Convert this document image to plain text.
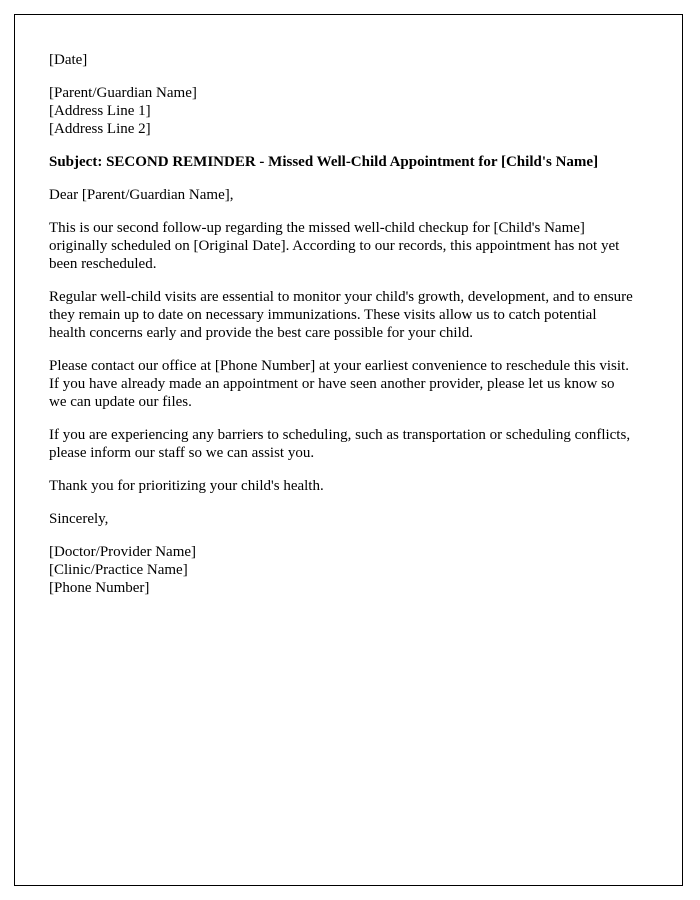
[Date]
[Parent/Guardian Name]
[Address Line 1]
[Address Line 2]
Subject: SECOND REMINDER - Missed Well-Child Appointment for [Child's Name]
Dear [Parent/Guardian Name],
This is our second follow-up regarding the missed well-child checkup for [Child's Name] originally scheduled on [Original Date]. According to our records, this appointment has not yet been rescheduled.
Regular well-child visits are essential to monitor your child's growth, development, and to ensure they remain up to date on necessary immunizations. These visits allow us to catch potential health concerns early and provide the best care possible for your child.
Please contact our office at [Phone Number] at your earliest convenience to reschedule this visit. If you have already made an appointment or have seen another provider, please let us know so we can update our files.
If you are experiencing any barriers to scheduling, such as transportation or scheduling conflicts, please inform our staff so we can assist you.
Thank you for prioritizing your child's health.
Sincerely,
[Doctor/Provider Name]
[Clinic/Practice Name]
[Phone Number]
